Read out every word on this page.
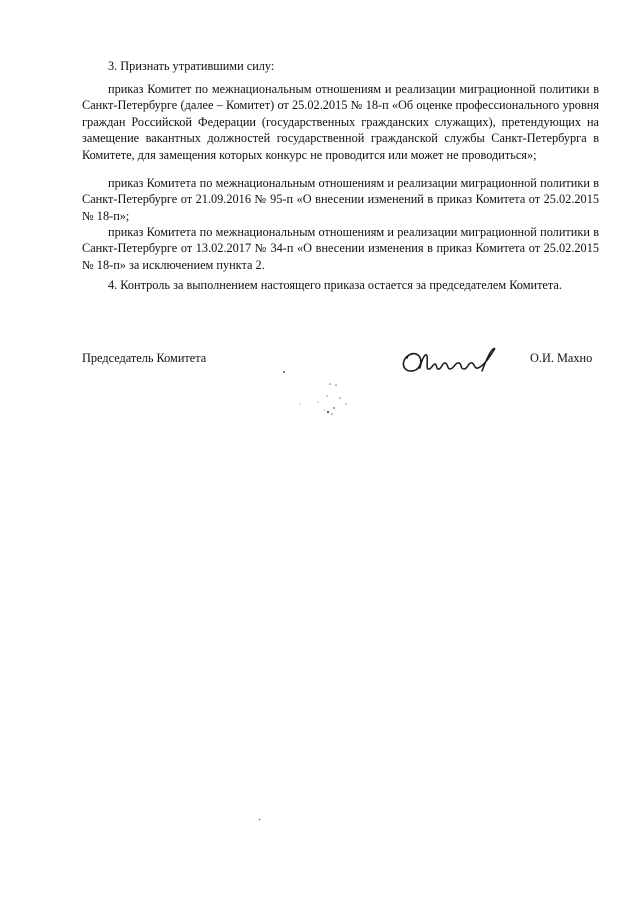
3. Признать утратившими силу:

приказ Комитет по межнациональным отношениям и реализации миграционной политики в Санкт-Петербурге (далее – Комитет) от 25.02.2015 № 18-п «Об оценке профессионального уровня граждан Российской Федерации (государственных гражданских служащих), претендующих на замещение вакантных должностей государственной гражданской службы Санкт-Петербурга в Комитете, для замещения которых конкурс не проводится или может не проводиться»;

приказ Комитета по межнациональным отношениям и реализации миграционной политики в Санкт-Петербурге от 21.09.2016 № 95-п «О внесении изменений в приказ Комитета от 25.02.2015 № 18-п»;

приказ Комитета по межнациональным отношениям и реализации миграционной политики в Санкт-Петербурге от 13.02.2017 № 34-п «О внесении изменения в приказ Комитета от 25.02.2015 № 18-п» за исключением пункта 2.

4. Контроль за выполнением настоящего приказа остается за председателем Комитета.

Председатель Комитета	О.И. Махно
